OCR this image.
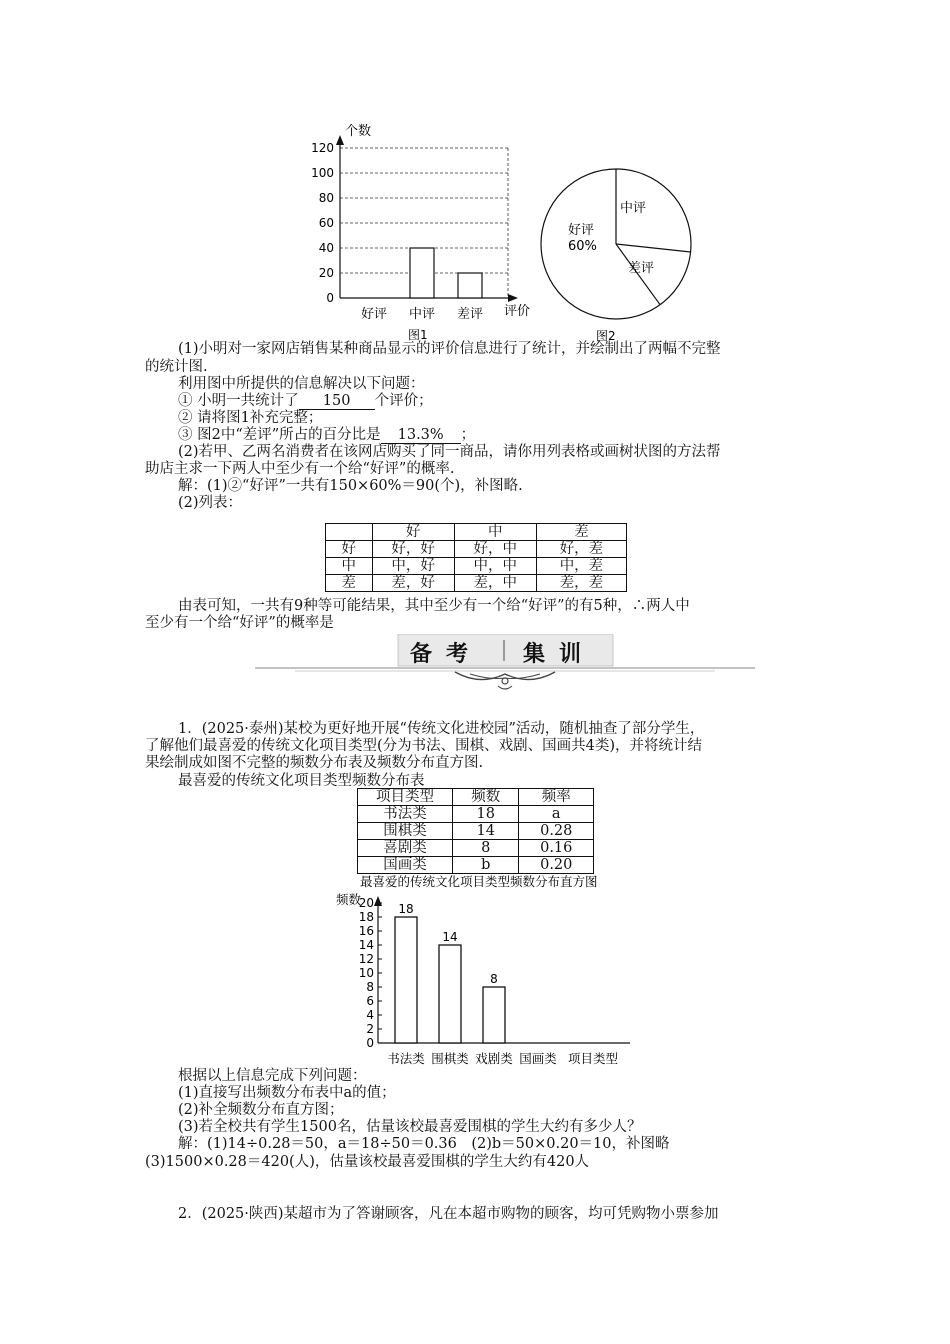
个数
120
100
80
60
40
20
0
好评 中评 差评 评价
图1
好评
60%
中评
差评
图2
(1)小明对一家网店销售某种商品显示的评价信息进行了统计，并绘制出了两幅不完整
的统计图.
利用图中所提供的信息解决以下问题：
① 小明一共统计了 150 个评价；
② 请将图1补充完整；
③ 图2中“差评”所占的百分比是 13.3% ；
(2)若甲、乙两名消费者在该网店购买了同一商品，请你用列表格或画树状图的方法帮
助店主求一下两人中至少有一个给“好评”的概率.
解：(1)②“好评”一共有150×60%＝90(个)，补图略.
(2)列表：
	好	中	差
好	好，好	好，中	好，差
中	中，好	中，中	中，差
差	差，好	差，中	差，差
由表可知，一共有9种等可能结果，其中至少有一个给“好评”的有5种，∴两人中
至少有一个给“好评”的概率是
备考 集训
1．(2025·泰州)某校为更好地开展“传统文化进校园”活动，随机抽查了部分学生，
了解他们最喜爱的传统文化项目类型(分为书法、围棋、戏剧、国画共4类)，并将统计结
果绘制成如图不完整的频数分布表及频数分布直方图.
最喜爱的传统文化项目类型频数分布表
项目类型	频数	频率
书法类	18	a
围棋类	14	0.28
喜剧类	8	0.16
国画类	b	0.20
最喜爱的传统文化项目类型频数分布直方图
频数
20
18
16
14
12
10
8
6
4
2
0
18
14
8
书法类 围棋类 戏剧类 国画类 项目类型
根据以上信息完成下列问题：
(1)直接写出频数分布表中a的值；
(2)补全频数分布直方图；
(3)若全校共有学生1500名，估量该校最喜爱围棋的学生大约有多少人？
解：(1)14÷0.28＝50，a＝18÷50＝0.36　(2)b＝50×0.20＝10，补图略
(3)1500×0.28＝420(人)，估量该校最喜爱围棋的学生大约有420人
2．(2025·陕西)某超市为了答谢顾客，凡在本超市购物的顾客，均可凭购物小票参加
